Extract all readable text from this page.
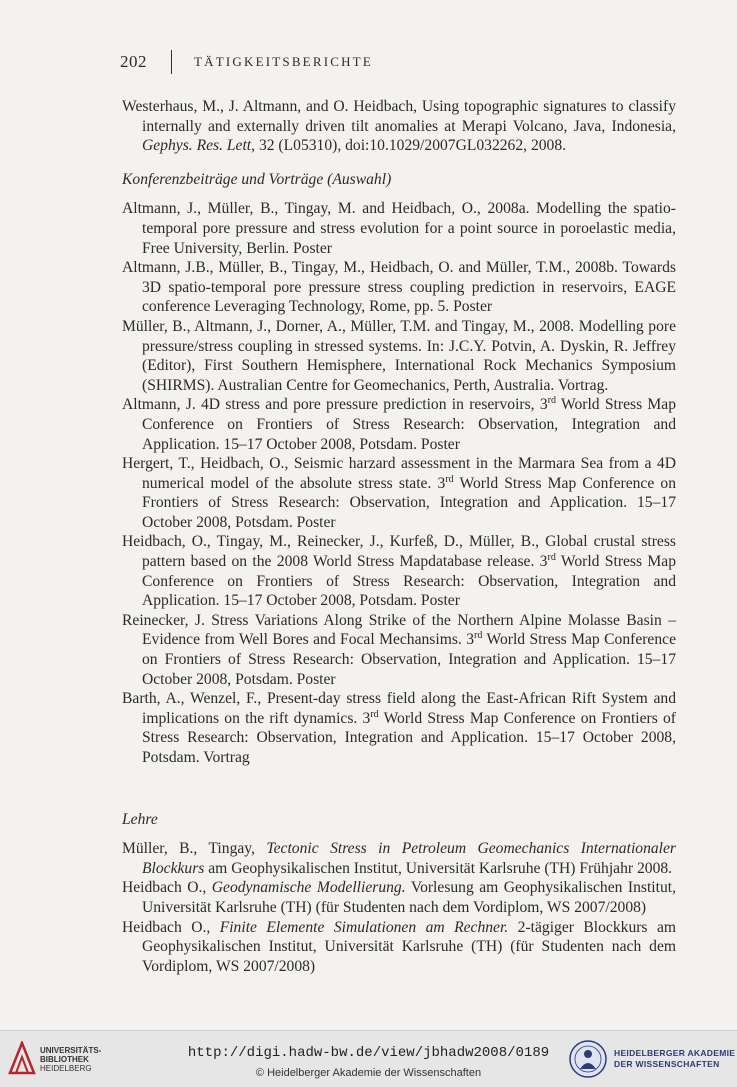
202	TÄTIGKEITSBERICHTE

Westerhaus, M., J. Altmann, and O. Heidbach, Using topographic signatures to classify internally and externally driven tilt anomalies at Merapi Volcano, Java, Indonesia, Gephys. Res. Lett, 32 (L05310), doi:10.1029/2007GL032262, 2008.

Konferenzbeiträge und Vorträge (Auswahl)

Altmann, J., Müller, B., Tingay, M. and Heidbach, O., 2008a. Modelling the spatio-temporal pore pressure and stress evolution for a point source in poroelastic media, Free University, Berlin. Poster

Altmann, J.B., Müller, B., Tingay, M., Heidbach, O. and Müller, T.M., 2008b. Towards 3D spatio-temporal pore pressure stress coupling prediction in reservoirs, EAGE conference Leveraging Technology, Rome, pp. 5. Poster

Müller, B., Altmann, J., Dorner, A., Müller, T.M. and Tingay, M., 2008. Modelling pore pressure/stress coupling in stressed systems. In: J.C.Y. Potvin, A. Dyskin, R. Jeffrey (Editor), First Southern Hemisphere, International Rock Mechanics Symposium (SHIRMS). Australian Centre for Geomechanics, Perth, Australia. Vortrag.

Altmann, J. 4D stress and pore pressure prediction in reservoirs, 3rd World Stress Map Conference on Frontiers of Stress Research: Observation, Integration and Application. 15–17 October 2008, Potsdam. Poster

Hergert, T., Heidbach, O., Seismic harzard assessment in the Marmara Sea from a 4D numerical model of the absolute stress state. 3rd World Stress Map Conference on Frontiers of Stress Research: Observation, Integration and Application. 15–17 October 2008, Potsdam. Poster

Heidbach, O., Tingay, M., Reinecker, J., Kurfeß, D., Müller, B., Global crustal stress pattern based on the 2008 World Stress Mapdatabase release. 3rd World Stress Map Conference on Frontiers of Stress Research: Observation, Integration and Application. 15–17 October 2008, Potsdam. Poster

Reinecker, J. Stress Variations Along Strike of the Northern Alpine Molasse Basin – Evidence from Well Bores and Focal Mechansims. 3rd World Stress Map Conference on Frontiers of Stress Research: Observation, Integration and Application. 15–17 October 2008, Potsdam. Poster

Barth, A., Wenzel, F., Present-day stress field along the East-African Rift System and implications on the rift dynamics. 3rd World Stress Map Conference on Frontiers of Stress Research: Observation, Integration and Application. 15–17 October 2008, Potsdam. Vortrag

Lehre

Müller, B., Tingay, Tectonic Stress in Petroleum Geomechanics Internationaler Blockkurs am Geophysikalischen Institut, Universität Karlsruhe (TH) Frühjahr 2008.

Heidbach O., Geodynamische Modellierung. Vorlesung am Geophysikalischen Institut, Universität Karlsruhe (TH) (für Studenten nach dem Vordiplom, WS 2007/2008)

Heidbach O., Finite Elemente Simulationen am Rechner. 2-tägiger Blockkurs am Geophysikalischen Institut, Universität Karlsruhe (TH) (für Studenten nach dem Vordiplom, WS 2007/2008)

UNIVERSITÄTS-
BIBLIOTHEK
HEIDELBERG
http://digi.hadw-bw.de/view/jbhadw2008/0189
© Heidelberger Akademie der Wissenschaften
HEIDELBERGER AKADEMIE
DER WISSENSCHAFTEN
